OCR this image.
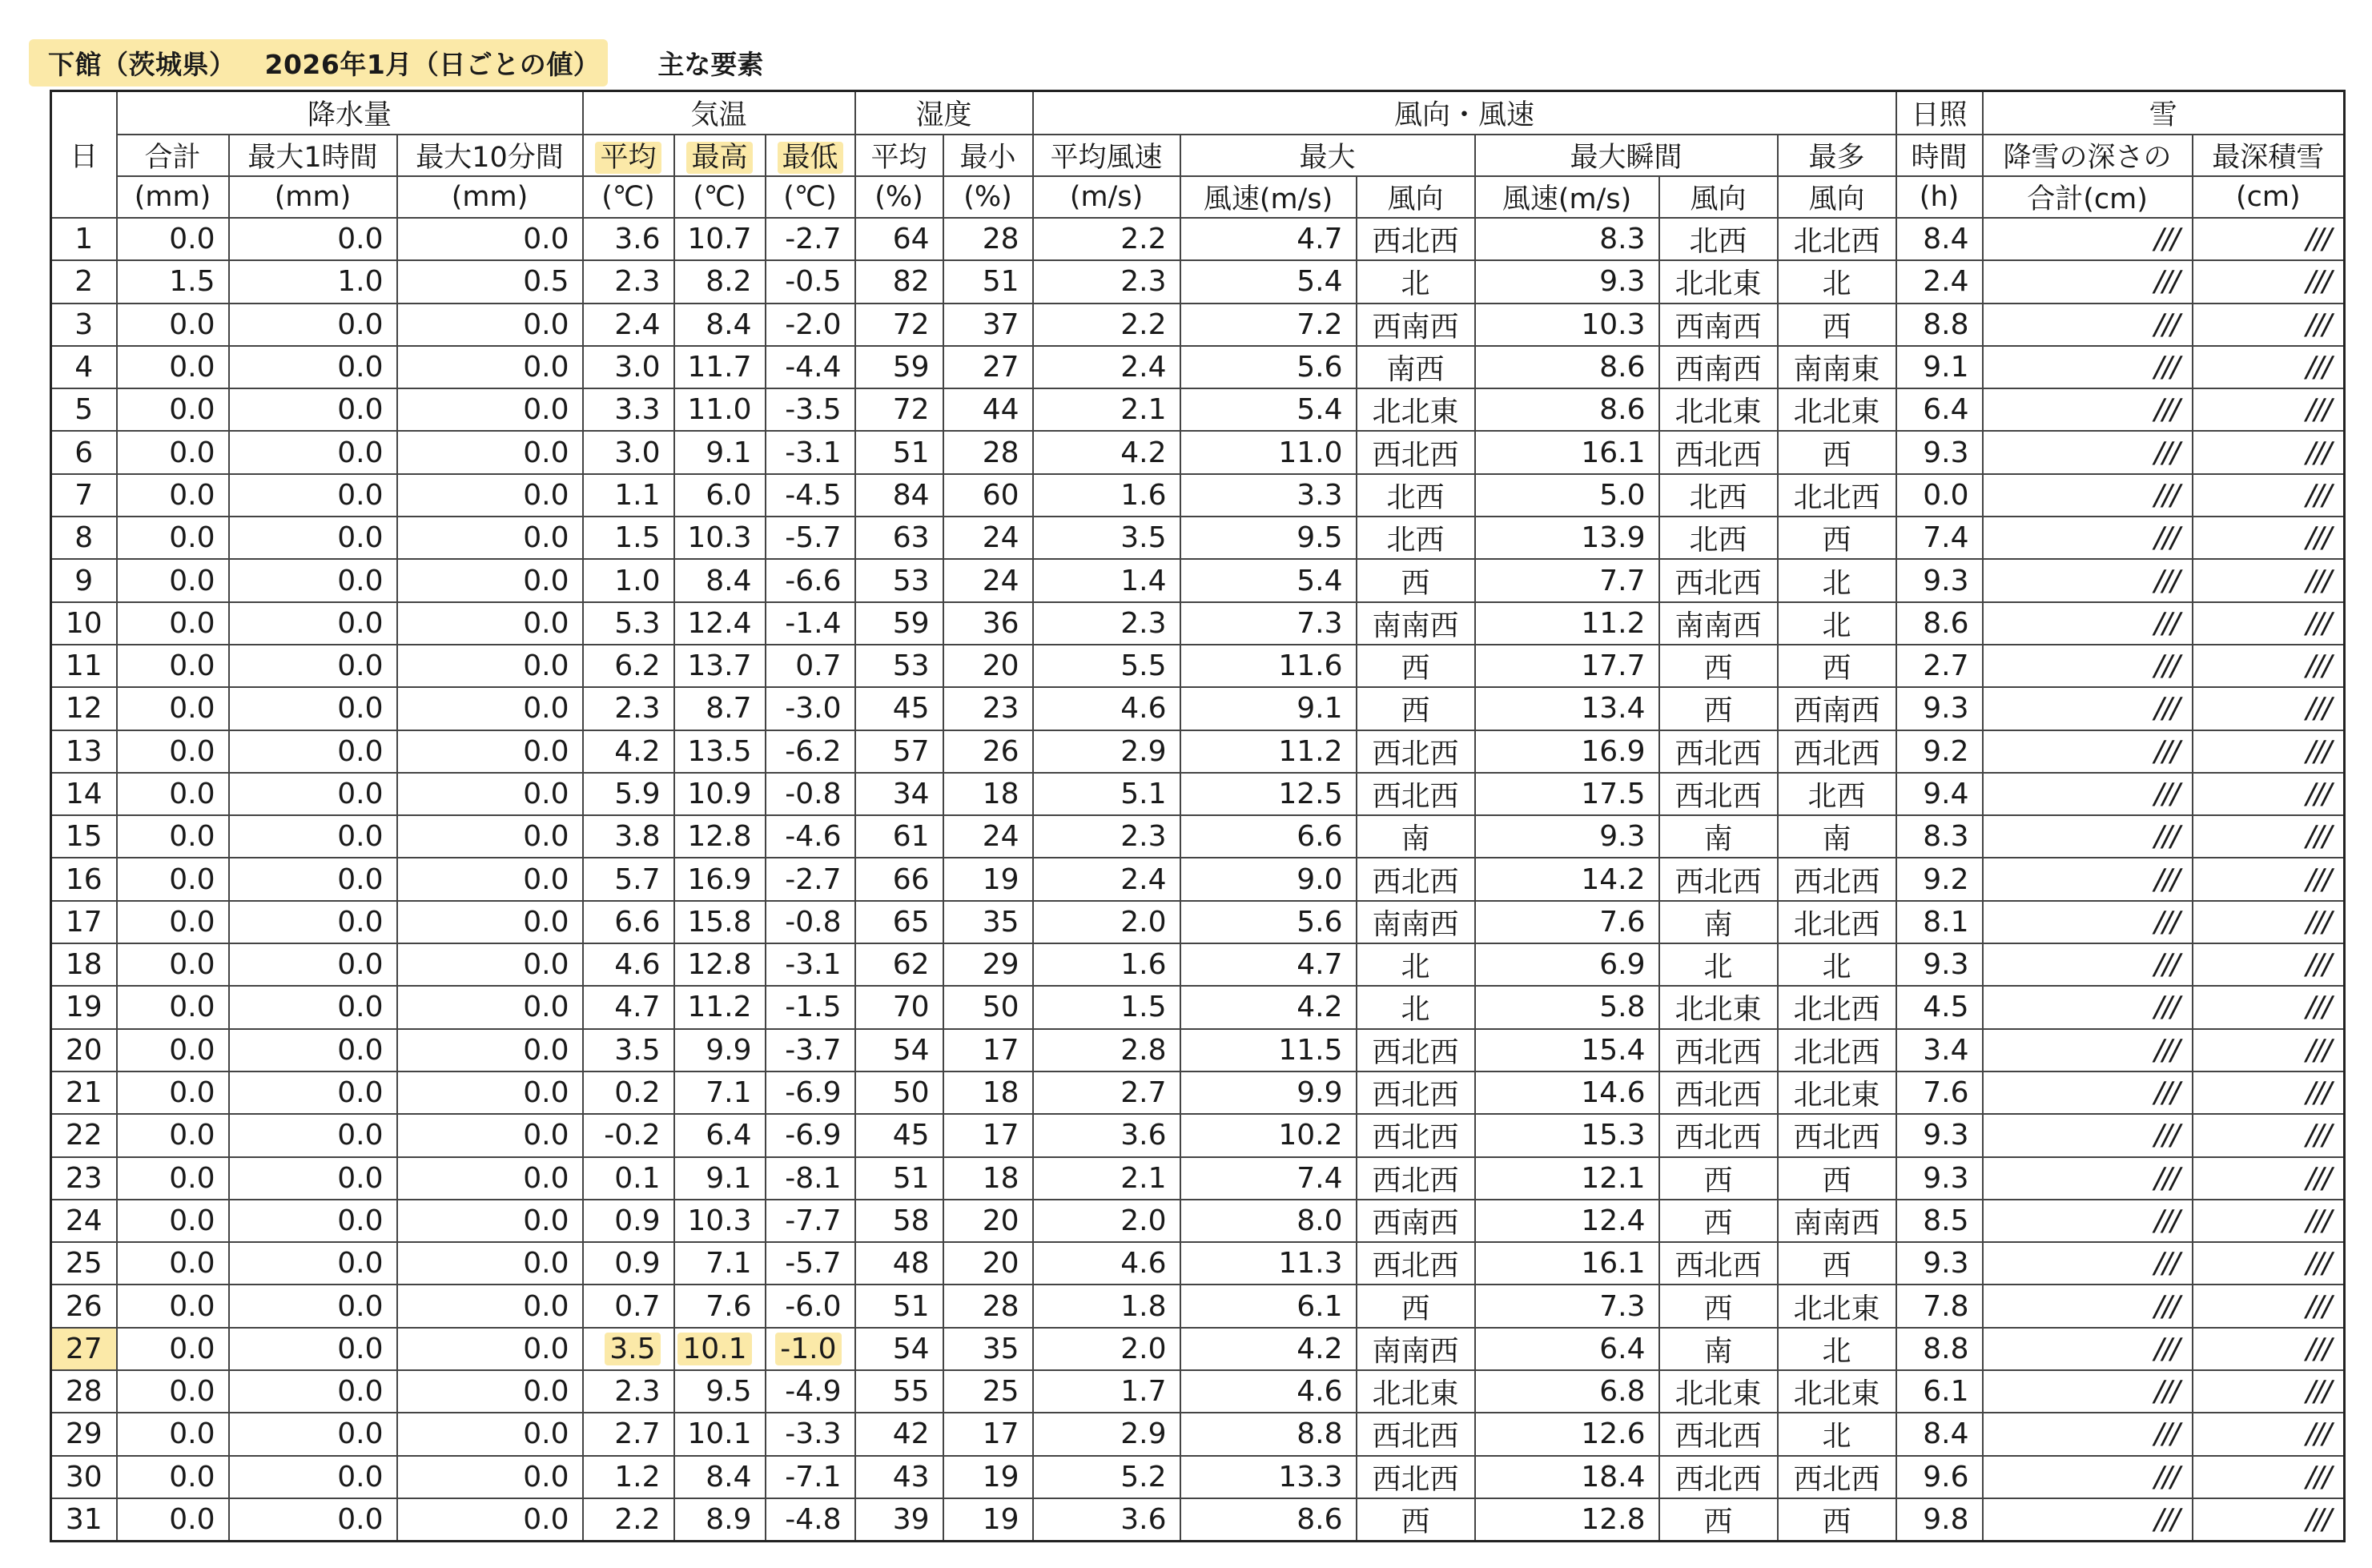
下館（茨城県） 2026年1月（日ごとの値）	主な要素
日	降水量			気温			湿度		風向・風速						日照	雪	
	合計	最大1時間	最大10分間	平均	最高	最低	平均	最小	平均風速	最大		最大瞬間		最多	時間	降雪の深さの	最深積雪
	(mm)	(mm)	(mm)	(℃)	(℃)	(℃)	(%)	(%)	(m/s)	風速(m/s)	風向	風速(m/s)	風向	風向	(h)	合計(cm)	(cm)
1	0.0	0.0	0.0	3.6	10.7	-2.7	64	28	2.2	4.7	西北西	8.3	北西	北北西	8.4	///	///
2	1.5	1.0	0.5	2.3	8.2	-0.5	82	51	2.3	5.4	北	9.3	北北東	北	2.4	///	///
3	0.0	0.0	0.0	2.4	8.4	-2.0	72	37	2.2	7.2	西南西	10.3	西南西	西	8.8	///	///
4	0.0	0.0	0.0	3.0	11.7	-4.4	59	27	2.4	5.6	南西	8.6	西南西	南南東	9.1	///	///
5	0.0	0.0	0.0	3.3	11.0	-3.5	72	44	2.1	5.4	北北東	8.6	北北東	北北東	6.4	///	///
6	0.0	0.0	0.0	3.0	9.1	-3.1	51	28	4.2	11.0	西北西	16.1	西北西	西	9.3	///	///
7	0.0	0.0	0.0	1.1	6.0	-4.5	84	60	1.6	3.3	北西	5.0	北西	北北西	0.0	///	///
8	0.0	0.0	0.0	1.5	10.3	-5.7	63	24	3.5	9.5	北西	13.9	北西	西	7.4	///	///
9	0.0	0.0	0.0	1.0	8.4	-6.6	53	24	1.4	5.4	西	7.7	西北西	北	9.3	///	///
10	0.0	0.0	0.0	5.3	12.4	-1.4	59	36	2.3	7.3	南南西	11.2	南南西	北	8.6	///	///
11	0.0	0.0	0.0	6.2	13.7	0.7	53	20	5.5	11.6	西	17.7	西	西	2.7	///	///
12	0.0	0.0	0.0	2.3	8.7	-3.0	45	23	4.6	9.1	西	13.4	西	西南西	9.3	///	///
13	0.0	0.0	0.0	4.2	13.5	-6.2	57	26	2.9	11.2	西北西	16.9	西北西	西北西	9.2	///	///
14	0.0	0.0	0.0	5.9	10.9	-0.8	34	18	5.1	12.5	西北西	17.5	西北西	北西	9.4	///	///
15	0.0	0.0	0.0	3.8	12.8	-4.6	61	24	2.3	6.6	南	9.3	南	南	8.3	///	///
16	0.0	0.0	0.0	5.7	16.9	-2.7	66	19	2.4	9.0	西北西	14.2	西北西	西北西	9.2	///	///
17	0.0	0.0	0.0	6.6	15.8	-0.8	65	35	2.0	5.6	南南西	7.6	南	北北西	8.1	///	///
18	0.0	0.0	0.0	4.6	12.8	-3.1	62	29	1.6	4.7	北	6.9	北	北	9.3	///	///
19	0.0	0.0	0.0	4.7	11.2	-1.5	70	50	1.5	4.2	北	5.8	北北東	北北西	4.5	///	///
20	0.0	0.0	0.0	3.5	9.9	-3.7	54	17	2.8	11.5	西北西	15.4	西北西	北北西	3.4	///	///
21	0.0	0.0	0.0	0.2	7.1	-6.9	50	18	2.7	9.9	西北西	14.6	西北西	北北東	7.6	///	///
22	0.0	0.0	0.0	-0.2	6.4	-6.9	45	17	3.6	10.2	西北西	15.3	西北西	西北西	9.3	///	///
23	0.0	0.0	0.0	0.1	9.1	-8.1	51	18	2.1	7.4	西北西	12.1	西	西	9.3	///	///
24	0.0	0.0	0.0	0.9	10.3	-7.7	58	20	2.0	8.0	西南西	12.4	西	南南西	8.5	///	///
25	0.0	0.0	0.0	0.9	7.1	-5.7	48	20	4.6	11.3	西北西	16.1	西北西	西	9.3	///	///
26	0.0	0.0	0.0	0.7	7.6	-6.0	51	28	1.8	6.1	西	7.3	西	北北東	7.8	///	///
27	0.0	0.0	0.0	3.5	10.1	-1.0	54	35	2.0	4.2	南南西	6.4	南	北	8.8	///	///
28	0.0	0.0	0.0	2.3	9.5	-4.9	55	25	1.7	4.6	北北東	6.8	北北東	北北東	6.1	///	///
29	0.0	0.0	0.0	2.7	10.1	-3.3	42	17	2.9	8.8	西北西	12.6	西北西	北	8.4	///	///
30	0.0	0.0	0.0	1.2	8.4	-7.1	43	19	5.2	13.3	西北西	18.4	西北西	西北西	9.6	///	///
31	0.0	0.0	0.0	2.2	8.9	-4.8	39	19	3.6	8.6	西	12.8	西	西	9.8	///	///
